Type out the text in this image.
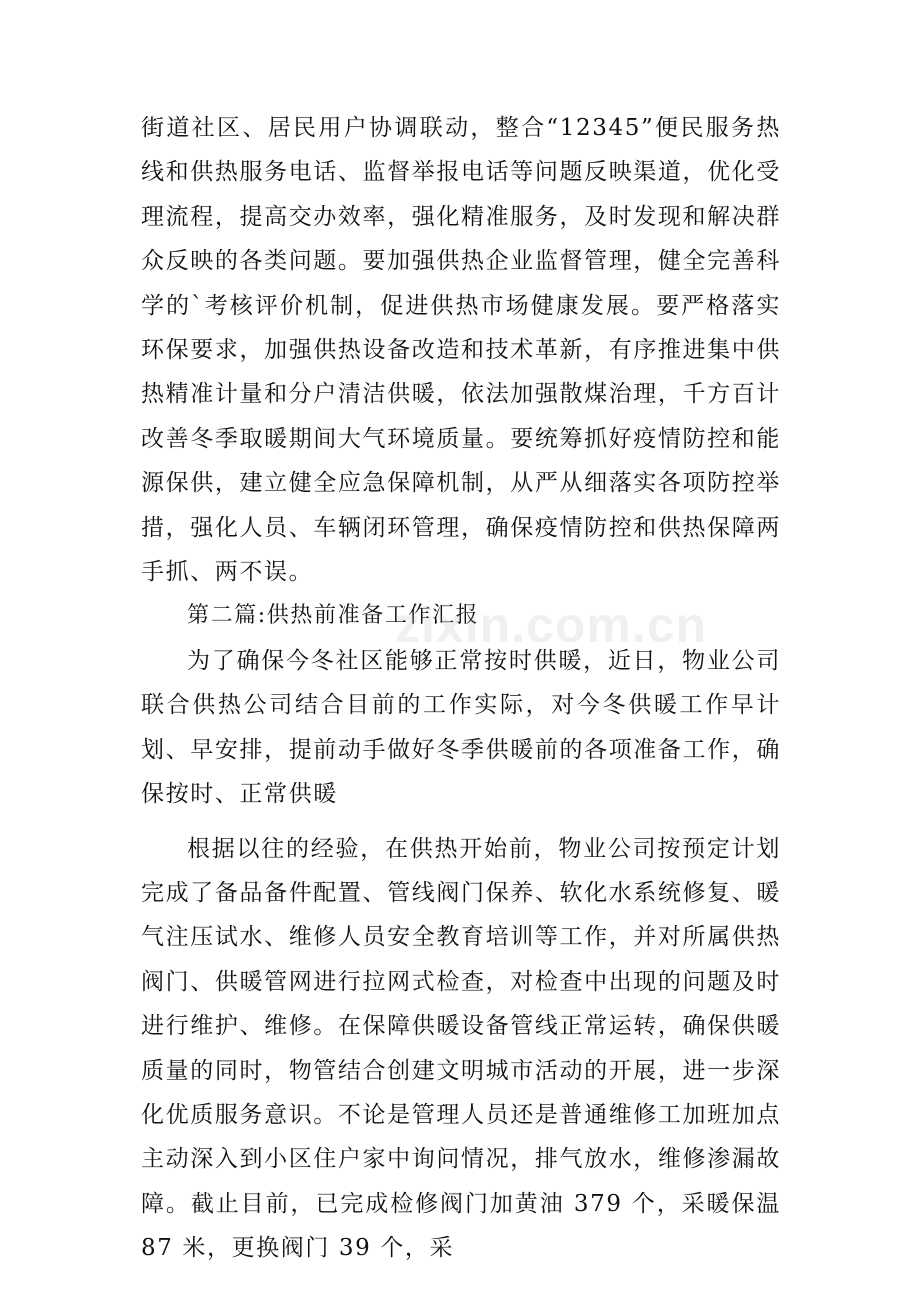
街道社区、居民用户协调联动，整合“12345”便民服务热线和供热服务电话、监督举报电话等问题反映渠道，优化受理流程，提高交办效率，强化精准服务，及时发现和解决群众反映的各类问题。要加强供热企业监督管理，健全完善科学的`考核评价机制，促进供热市场健康发展。要严格落实环保要求，加强供热设备改造和技术革新，有序推进集中供热精准计量和分户清洁供暖，依法加强散煤治理，千方百计改善冬季取暖期间大气环境质量。要统筹抓好疫情防控和能源保供，建立健全应急保障机制，从严从细落实各项防控举措，强化人员、车辆闭环管理，确保疫情防控和供热保障两手抓、两不误。

第二篇:供热前准备工作汇报

为了确保今冬社区能够正常按时供暖，近日，物业公司联合供热公司结合目前的工作实际，对今冬供暖工作早计划、早安排，提前动手做好冬季供暖前的各项准备工作，确保按时、正常供暖

根据以往的经验，在供热开始前，物业公司按预定计划完成了备品备件配置、管线阀门保养、软化水系统修复、暖气注压试水、维修人员安全教育培训等工作，并对所属供热阀门、供暖管网进行拉网式检查，对检查中出现的问题及时进行维护、维修。在保障供暖设备管线正常运转，确保供暖质量的同时，物管结合创建文明城市活动的开展，进一步深化优质服务意识。不论是管理人员还是普通维修工加班加点主动深入到小区住户家中询问情况，排气放水，维修渗漏故障。截止目前，已完成检修阀门加黄油 379 个，采暖保温 87 米，更换阀门 39 个，采

zixin.com.cn
